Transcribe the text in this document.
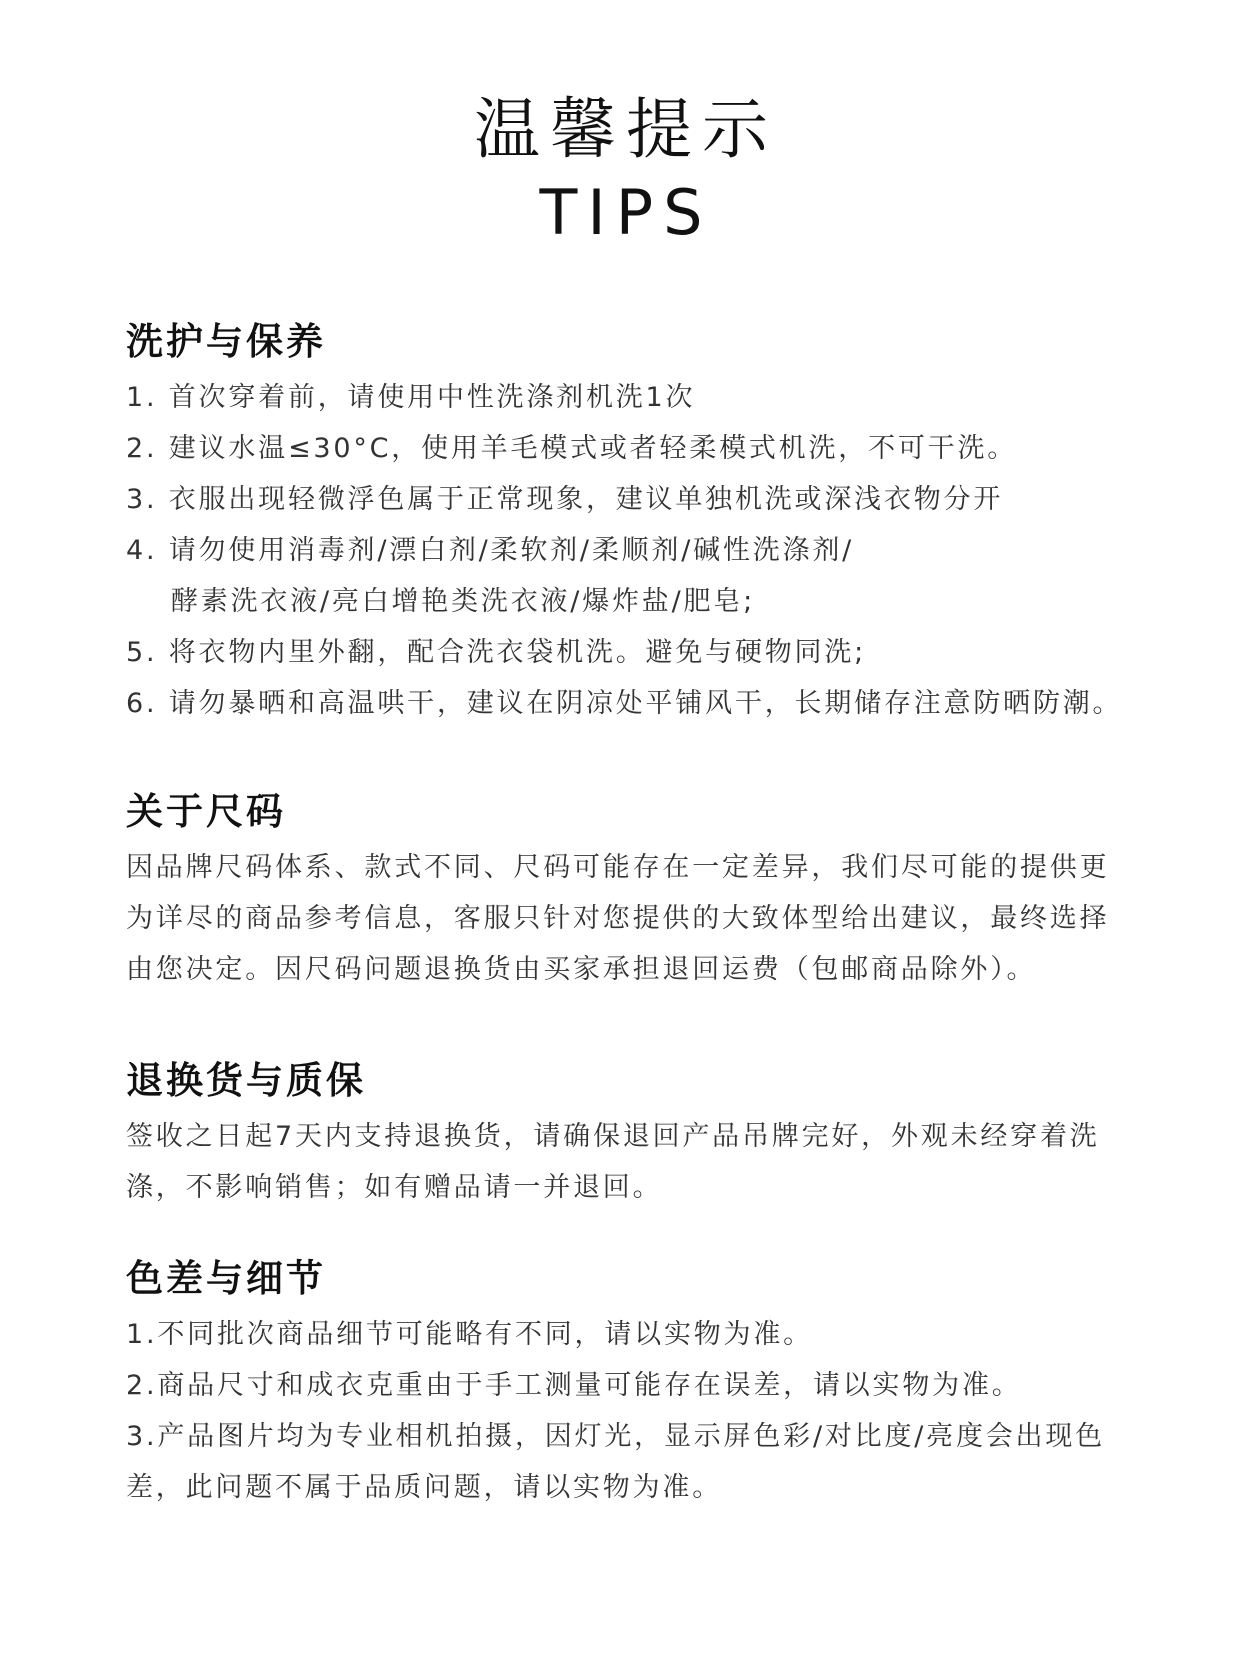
温馨提示
TIPS
洗护与保养
1. 首次穿着前，请使用中性洗涤剂机洗1次
2. 建议水温≤30°C，使用羊毛模式或者轻柔模式机洗，不可干洗。
3. 衣服出现轻微浮色属于正常现象，建议单独机洗或深浅衣物分开
4. 请勿使用消毒剂/漂白剂/柔软剂/柔顺剂/碱性洗涤剂/
酵素洗衣液/亮白增艳类洗衣液/爆炸盐/肥皂;
5. 将衣物内里外翻，配合洗衣袋机洗。避免与硬物同洗;
6. 请勿暴晒和高温哄干，建议在阴凉处平铺风干，长期储存注意防晒防潮。
关于尺码
因品牌尺码体系、款式不同、尺码可能存在一定差异，我们尽可能的提供更
为详尽的商品参考信息，客服只针对您提供的大致体型给出建议，最终选择
由您决定。因尺码问题退换货由买家承担退回运费（包邮商品除外）。
退换货与质保
签收之日起7天内支持退换货，请确保退回产品吊牌完好，外观未经穿着洗
涤，不影响销售；如有赠品请一并退回。
色差与细节
1.不同批次商品细节可能略有不同，请以实物为准。
2.商品尺寸和成衣克重由于手工测量可能存在误差，请以实物为准。
3.产品图片均为专业相机拍摄，因灯光，显示屏色彩/对比度/亮度会出现色
差，此问题不属于品质问题，请以实物为准。
